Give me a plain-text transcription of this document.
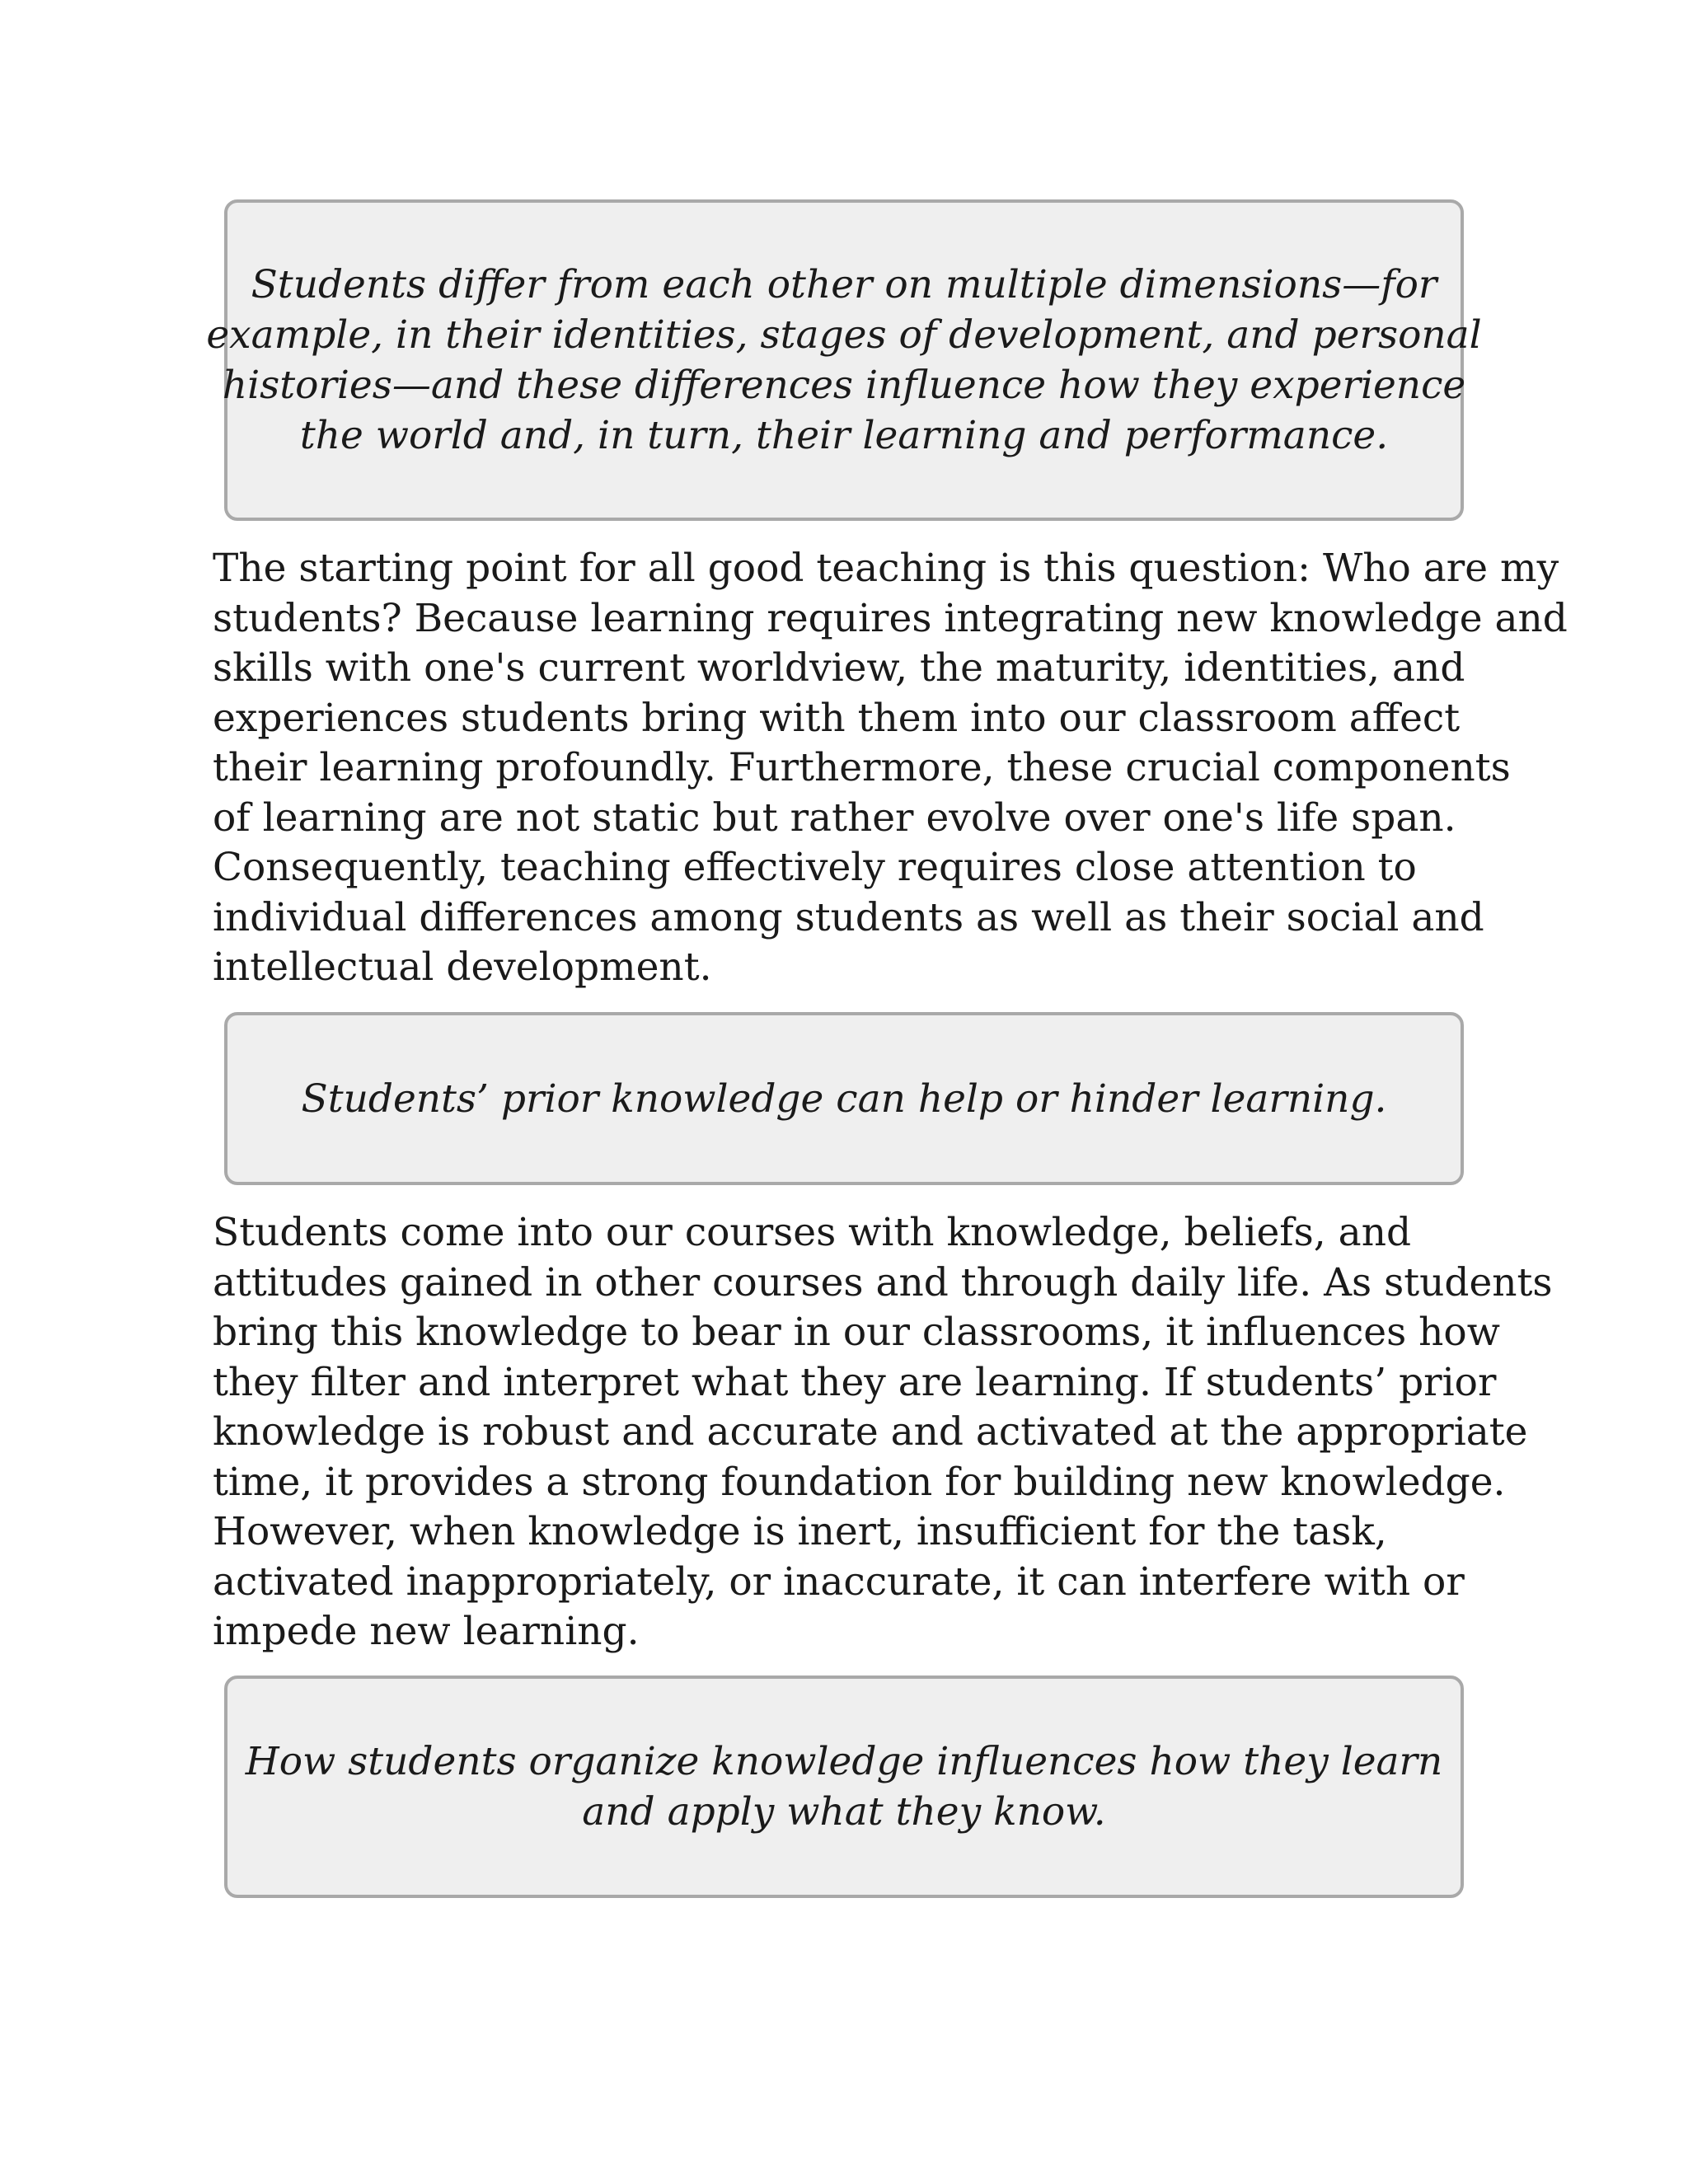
Students differ from each other on multiple dimensions—for
example, in their identities, stages of development, and personal
histories—and these differences influence how they experience
the world and, in turn, their learning and performance.

The starting point for all good teaching is this question: Who are my
students? Because learning requires integrating new knowledge and
skills with one's current worldview, the maturity, identities, and
experiences students bring with them into our classroom affect
their learning profoundly. Furthermore, these crucial components
of learning are not static but rather evolve over one's life span.
Consequently, teaching effectively requires close attention to
individual differences among students as well as their social and
intellectual development.

Students’ prior knowledge can help or hinder learning.

Students come into our courses with knowledge, beliefs, and
attitudes gained in other courses and through daily life. As students
bring this knowledge to bear in our classrooms, it influences how
they filter and interpret what they are learning. If students’ prior
knowledge is robust and accurate and activated at the appropriate
time, it provides a strong foundation for building new knowledge.
However, when knowledge is inert, insufficient for the task,
activated inappropriately, or inaccurate, it can interfere with or
impede new learning.

How students organize knowledge influences how they learn
and apply what they know.
